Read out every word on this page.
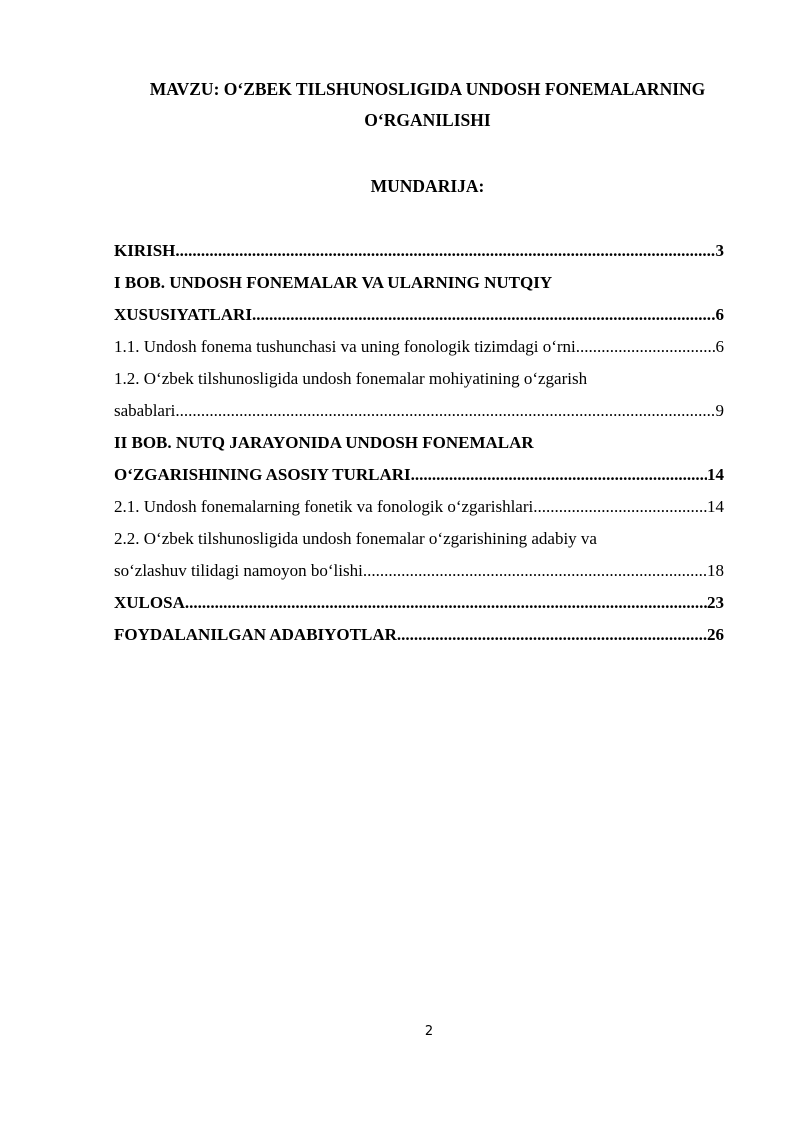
MAVZU: O‘ZBEK TILSHUNOSLIGIDA UNDOSH FONEMALARNING
O‘RGANILISHI
MUNDARIJA:
KIRISH .....	3
I BOB. UNDOSH FONEMALAR VA ULARNING NUTQIY
XUSUSIYATLARI .....	.6
1.1. Undosh fonema tushunchasi va uning fonologik tizimdagi o‘rni .....	6
1.2. O‘zbek tilshunosligida undosh fonemalar mohiyatining o‘zgarish
sabablari .....	9
II BOB. NUTQ JARAYONIDA UNDOSH FONEMALAR
O‘ZGARISHINING ASOSIY TURLARI .....	14
2.1. Undosh fonemalarning fonetik va fonologik o‘zgarishlari .....	14
2.2. O‘zbek tilshunosligida undosh fonemalar o‘zgarishining adabiy va
so‘zlashuv tilidagi namoyon bo‘lishi .....	18
XULOSA .....	23
FOYDALANILGAN ADABIYOTLAR .....	26
2
